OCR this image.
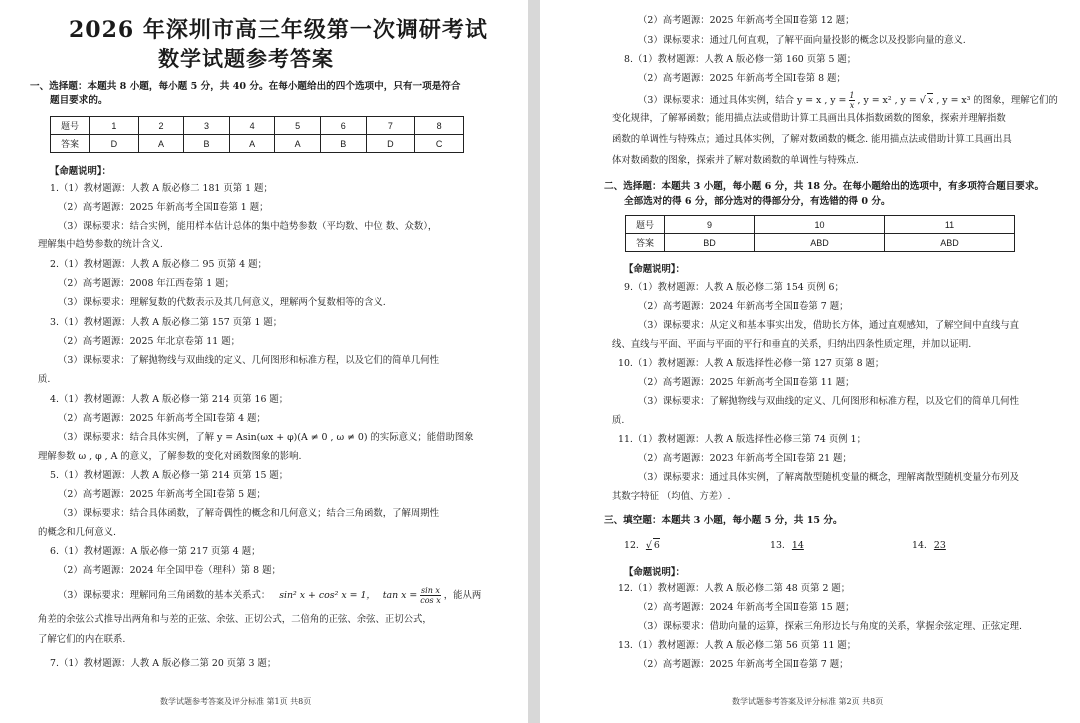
2026 年深圳市高三年级第一次调研考试
数学试题参考答案
一、选择题：本题共 8 小题，每小题 5 分，共 40 分。在每小题给出的四个选项中，只有一项是符合
题目要求的。
题号	1	2	3	4	5	6	7	8
答案	D	A	B	A	A	B	D	C
【命题说明】：
1.（1）教材题源：人教 A 版必修二 181 页第 1 题；
（2）高考题源：2025 年新高考全国Ⅱ卷第 1 题；
（3）课标要求：结合实例，能用样本估计总体的集中趋势参数（平均数、中位 数、众数），
理解集中趋势参数的统计含义.
2.（1）教材题源：人教 A 版必修二 95 页第 4 题；
（2）高考题源：2008 年江西卷第 1 题；
（3）课标要求：理解复数的代数表示及其几何意义，理解两个复数相等的含义.
3.（1）教材题源：人教 A 版必修二第 157 页第 1 题；
（2）高考题源：2025 年北京卷第 11 题；
（3）课标要求：了解抛物线与双曲线的定义、几何图形和标准方程，以及它们的简单几何性
质.
4.（1）教材题源：人教 A 版必修一第 214 页第 16 题；
（2）高考题源：2025 年新高考全国Ⅰ卷第 4 题；
（3）课标要求：结合具体实例，了解 y = Asin(ωx + φ)(A ≠ 0 , ω ≠ 0) 的实际意义；能借助图象
理解参数 ω , φ , A 的意义，了解参数的变化对函数图象的影响.
5.（1）教材题源：人教 A 版必修一第 214 页第 15 题；
（2）高考题源：2025 年新高考全国Ⅰ卷第 5 题；
（3）课标要求：结合具体函数，了解奇偶性的概念和几何意义；结合三角函数，了解周期性
的概念和几何意义.
6.（1）教材题源：A 版必修一第 217 页第 4 题；
（2）高考题源：2024 年全国甲卷（理科）第 8 题；
（3）课标要求：理解同角三角函数的基本关系式： sin² x + cos² x = 1， $\tan x = \frac{\text{sin x}}{\text{cos x}}$ ，能从两
角差的余弦公式推导出两角和与差的正弦、余弦、正切公式，二倍角的正弦、余弦、正切公式，
了解它们的内在联系.
7.（1）教材题源：人教 A 版必修二第 20 页第 3 题；
数学试题参考答案及评分标准 第1页 共8页
（2）高考题源：2025 年新高考全国Ⅱ卷第 12 题；
（3）课标要求：通过几何直观，了解平面向量投影的概念以及投影向量的意义.
8.（1）教材题源：人教 A 版必修一第 160 页第 5 题；
（2）高考题源：2025 年新高考全国Ⅰ卷第 8 题；
（3）课标要求：通过具体实例，结合 y = x , $y = \frac{1}{x}$ , y = x² , y = √ x , y = x³ 的图象，理解它们的
变化规律，了解幂函数；能用描点法或借助计算工具画出具体指数函数的图象，探索并理解指数
函数的单调性与特殊点；通过具体实例，了解对数函数的概念. 能用描点法或借助计算工具画出具
体对数函数的图象，探索并了解对数函数的单调性与特殊点.
二、选择题：本题共 3 小题，每小题 6 分，共 18 分。在每小题给出的选项中，有多项符合题目要求。
全部选对的得 6 分，部分选对的得部分分，有选错的得 0 分。
题号	9	10	11
答案	BD	ABD	ABD
【命题说明】：
9.（1）教材题源：人教 A 版必修二第 154 页例 6；
（2）高考题源：2024 年新高考全国Ⅱ卷第 7 题；
（3）课标要求：从定义和基本事实出发，借助长方体，通过直观感知，了解空间中直线与直
线、直线与平面、平面与平面的平行和垂直的关系，归纳出四条性质定理，并加以证明.
10.（1）教材题源：人教 A 版选择性必修一第 127 页第 8 题；
（2）高考题源：2025 年新高考全国Ⅱ卷第 11 题；
（3）课标要求：了解抛物线与双曲线的定义、几何图形和标准方程，以及它们的简单几何性
质.
11.（1）教材题源：人教 A 版选择性必修三第 74 页例 1；
（2）高考题源：2023 年新高考全国Ⅰ卷第 21 题；
（3）课标要求：通过具体实例，了解离散型随机变量的概念，理解离散型随机变量分布列及
其数字特征 （均值、方差）.
三、填空题：本题共 3 小题，每小题 5 分，共 15 分。
12. √ 6	13. 14	14. 23
【命题说明】：
12.（1）教材题源：人教 A 版必修二第 48 页第 2 题；
（2）高考题源：2024 年新高考全国Ⅱ卷第 15 题；
（3）课标要求：借助向量的运算，探索三角形边长与角度的关系，掌握余弦定理、正弦定理.
13.（1）教材题源：人教 A 版必修二第 56 页第 11 题；
（2）高考题源：2025 年新高考全国Ⅱ卷第 7 题；
数学试题参考答案及评分标准 第2页 共8页
